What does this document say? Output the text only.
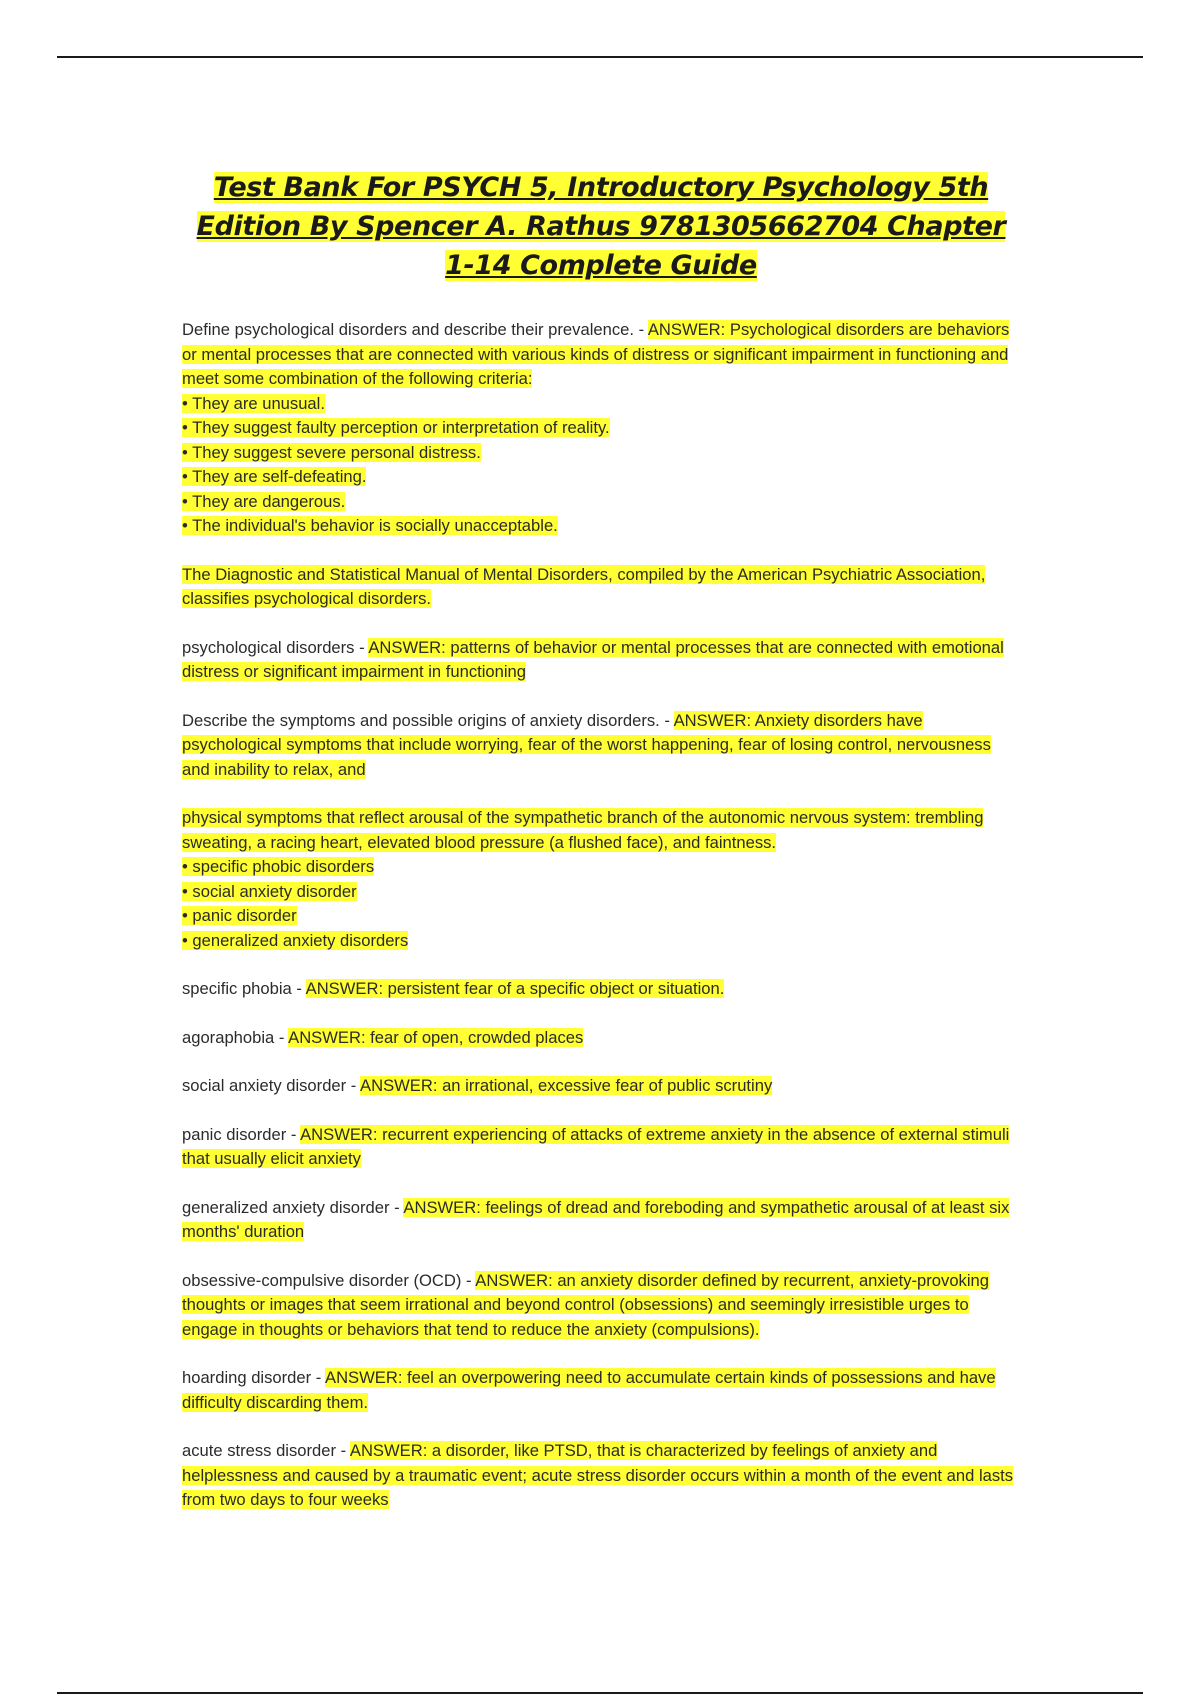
Test Bank For PSYCH 5, Introductory Psychology 5th Edition By Spencer A. Rathus 9781305662704 Chapter 1-14 Complete Guide
Define psychological disorders and describe their prevalence. - ANSWER: Psychological disorders are behaviors or mental processes that are connected with various kinds of distress or significant impairment in functioning and meet some combination of the following criteria:
• They are unusual.
• They suggest faulty perception or interpretation of reality.
• They suggest severe personal distress.
• They are self-defeating.
• They are dangerous.
• The individual's behavior is socially unacceptable.
The Diagnostic and Statistical Manual of Mental Disorders, compiled by the American Psychiatric Association, classifies psychological disorders.
psychological disorders - ANSWER: patterns of behavior or mental processes that are connected with emotional distress or significant impairment in functioning
Describe the symptoms and possible origins of anxiety disorders. - ANSWER: Anxiety disorders have psychological symptoms that include worrying, fear of the worst happening, fear of losing control, nervousness and inability to relax, and
physical symptoms that reflect arousal of the sympathetic branch of the autonomic nervous system: trembling sweating, a racing heart, elevated blood pressure (a flushed face), and faintness.
• specific phobic disorders
• social anxiety disorder
• panic disorder
• generalized anxiety disorders
specific phobia - ANSWER: persistent fear of a specific object or situation.
agoraphobia - ANSWER: fear of open, crowded places
social anxiety disorder - ANSWER: an irrational, excessive fear of public scrutiny
panic disorder - ANSWER: recurrent experiencing of attacks of extreme anxiety in the absence of external stimuli that usually elicit anxiety
generalized anxiety disorder - ANSWER: feelings of dread and foreboding and sympathetic arousal of at least six months' duration
obsessive-compulsive disorder (OCD) - ANSWER: an anxiety disorder defined by recurrent, anxiety-provoking thoughts or images that seem irrational and beyond control (obsessions) and seemingly irresistible urges to engage in thoughts or behaviors that tend to reduce the anxiety (compulsions).
hoarding disorder - ANSWER: feel an overpowering need to accumulate certain kinds of possessions and have difficulty discarding them.
acute stress disorder - ANSWER: a disorder, like PTSD, that is characterized by feelings of anxiety and helplessness and caused by a traumatic event; acute stress disorder occurs within a month of the event and lasts from two days to four weeks
